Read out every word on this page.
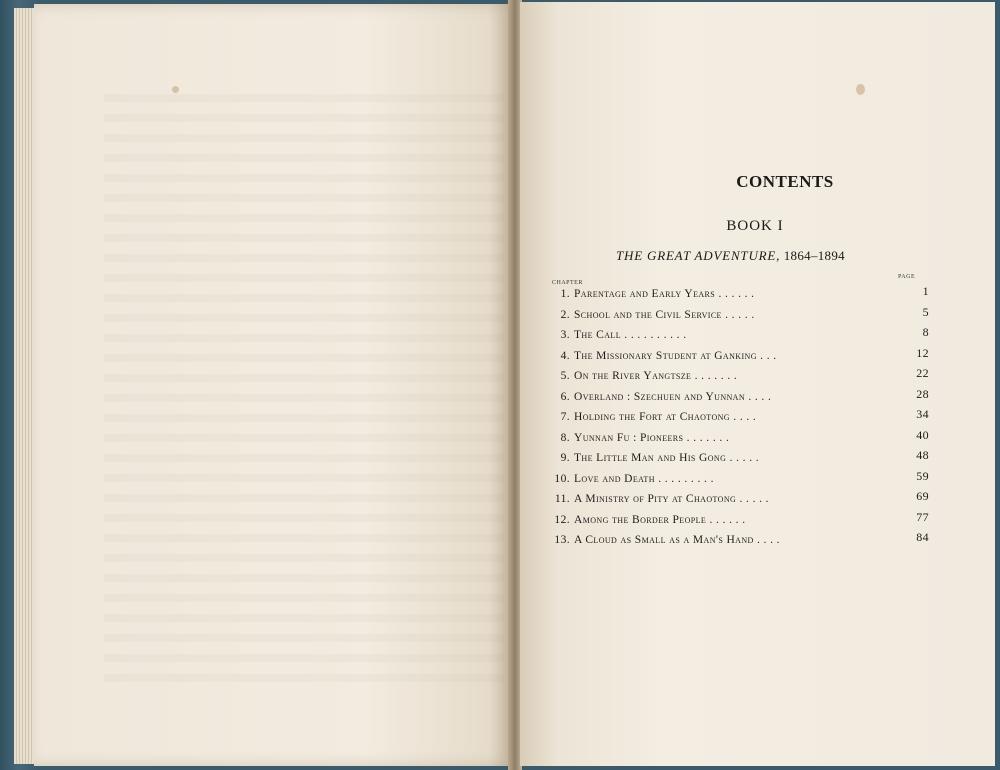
CONTENTS
BOOK I
THE GREAT ADVENTURE, 1864–1894
CHAPTER
PAGE
1. Parentage and Early Years . . . . . .	1
2. School and the Civil Service . . . . .	5
3. The Call . . . . . . . . . .	8
4. The Missionary Student at Ganking . . .	12
5. On the River Yangtsze . . . . . . .	22
6. Overland : Szechuen and Yunnan . . . .	28
7. Holding the Fort at Chaotong . . . .	34
8. Yunnan Fu : Pioneers . . . . . . .	40
9. The Little Man and His Gong . . . . .	48
10. Love and Death . . . . . . . . .	59
11. A Ministry of Pity at Chaotong . . . . .	69
12. Among the Border People . . . . . .	77
13. A Cloud as Small as a Man's Hand . . . .	84
